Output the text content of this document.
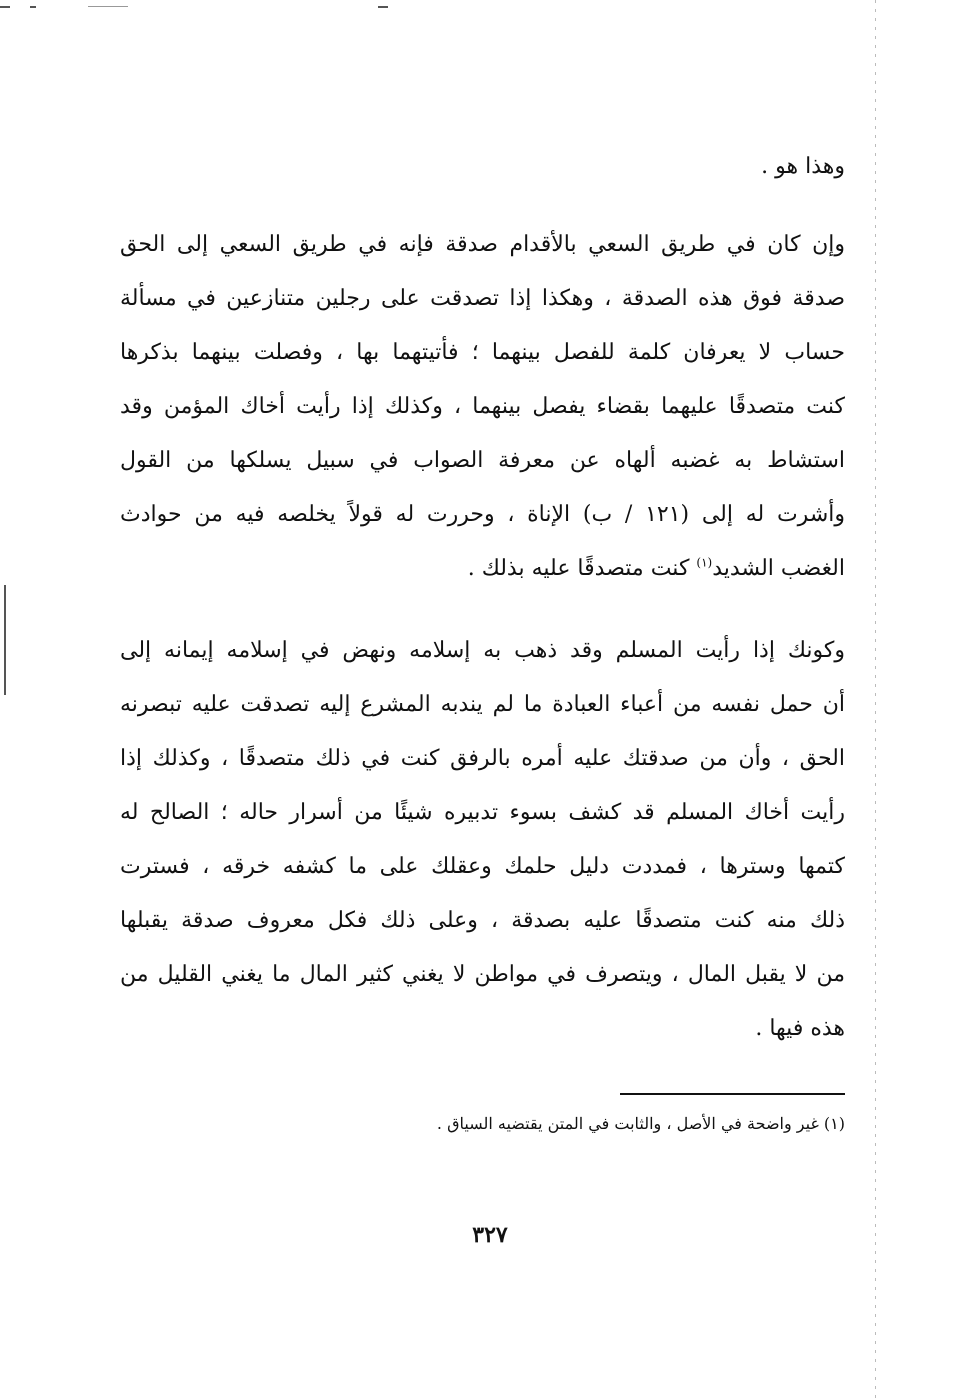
وهذا هو .
وإن كان في طريق السعي بالأقدام صدقة فإنه في طريق السعي إلى الحق
صدقة فوق هذه الصدقة ، وهكذا إذا تصدقت على رجلين متنازعين في مسألة
حساب لا يعرفان كلمة للفصل بينهما ؛ فأتيتهما بها ، وفصلت بينهما بذكرها
كنت متصدقًا عليهما بقضاء يفصل بينهما ، وكذلك إذا رأيت أخاك المؤمن وقد
استشاط به غضبه ألهاه عن معرفة الصواب في سبيل يسلكها من القول
وأشرت له إلى (١٢١ / ب) الإناة ، وحررت له قولاً يخلصه فيه من حوادث
الغضب الشديد$^{(١)}$ كنت متصدقًا عليه بذلك .
وكونك إذا رأيت المسلم وقد ذهب به إسلامه ونهض في إسلامه إيمانه إلى
أن حمل نفسه من أعباء العبادة ما لم يندبه المشرع إليه تصدقت عليه تبصرنه
الحق ، وأن من صدقتك عليه أمره بالرفق كنت في ذلك متصدقًا ، وكذلك إذا
رأيت أخاك المسلم قد كشف بسوء تدبيره شيئًا من أسرار حاله ؛ الصالح له
كتمها وسترها ، فمددت دليل حلمك وعقلك على ما كشفه خرقه ، فسترت
ذلك منه كنت متصدقًا عليه بصدقة ، وعلى ذلك فكل معروف صدقة يقبلها
من لا يقبل المال ، ويتصرف في مواطن لا يغني كثير المال ما يغني القليل من
هذه فيها .
(١) غير واضحة في الأصل ، والثابت في المتن يقتضيه السياق .
٣٢٧
